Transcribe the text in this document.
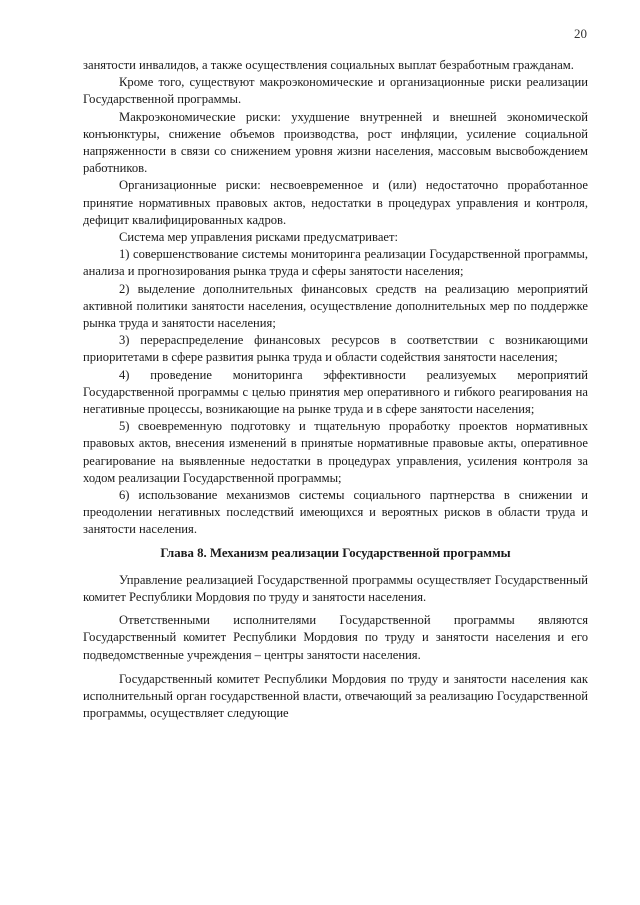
20

занятости инвалидов, а также осуществления социальных выплат безработным гражданам.

Кроме того, существуют макроэкономические и организационные риски реализации Государственной программы.

Макроэкономические риски: ухудшение внутренней и внешней экономической конъюнктуры, снижение объемов производства, рост инфляции, усиление социальной напряженности в связи со снижением уровня жизни населения, массовым высвобождением работников.

Организационные риски: несвоевременное и (или) недостаточно проработанное принятие нормативных правовых актов, недостатки в процедурах управления и контроля, дефицит квалифицированных кадров.

Система мер управления рисками предусматривает:

1) совершенствование системы мониторинга реализации Государственной программы, анализа и прогнозирования рынка труда и сферы занятости населения;

2) выделение дополнительных финансовых средств на реализацию мероприятий активной политики занятости населения, осуществление дополнительных мер по поддержке рынка труда и занятости населения;

3) перераспределение финансовых ресурсов в соответствии с возникающими приоритетами в сфере развития рынка труда и области содействия занятости населения;

4) проведение мониторинга эффективности реализуемых мероприятий Государственной программы с целью принятия мер оперативного и гибкого реагирования на негативные процессы, возникающие на рынке труда и в сфере занятости населения;

5) своевременную подготовку и тщательную проработку проектов нормативных правовых актов, внесения изменений в принятые нормативные правовые акты, оперативное реагирование на выявленные недостатки в процедурах управления, усиления контроля за ходом реализации Государственной программы;

6) использование механизмов системы социального партнерства в снижении и преодолении негативных последствий имеющихся и вероятных рисков в области труда и занятости населения.

Глава 8. Механизм реализации Государственной программы

Управление реализацией Государственной программы осуществляет Государственный комитет Республики Мордовия по труду и занятости населения.

Ответственными исполнителями Государственной программы являются Государственный комитет Республики Мордовия по труду и занятости населения и его подведомственные учреждения – центры занятости населения.

Государственный комитет Республики Мордовия по труду и занятости населения как исполнительный орган государственной власти, отвечающий за реализацию Государственной программы, осуществляет следующие
